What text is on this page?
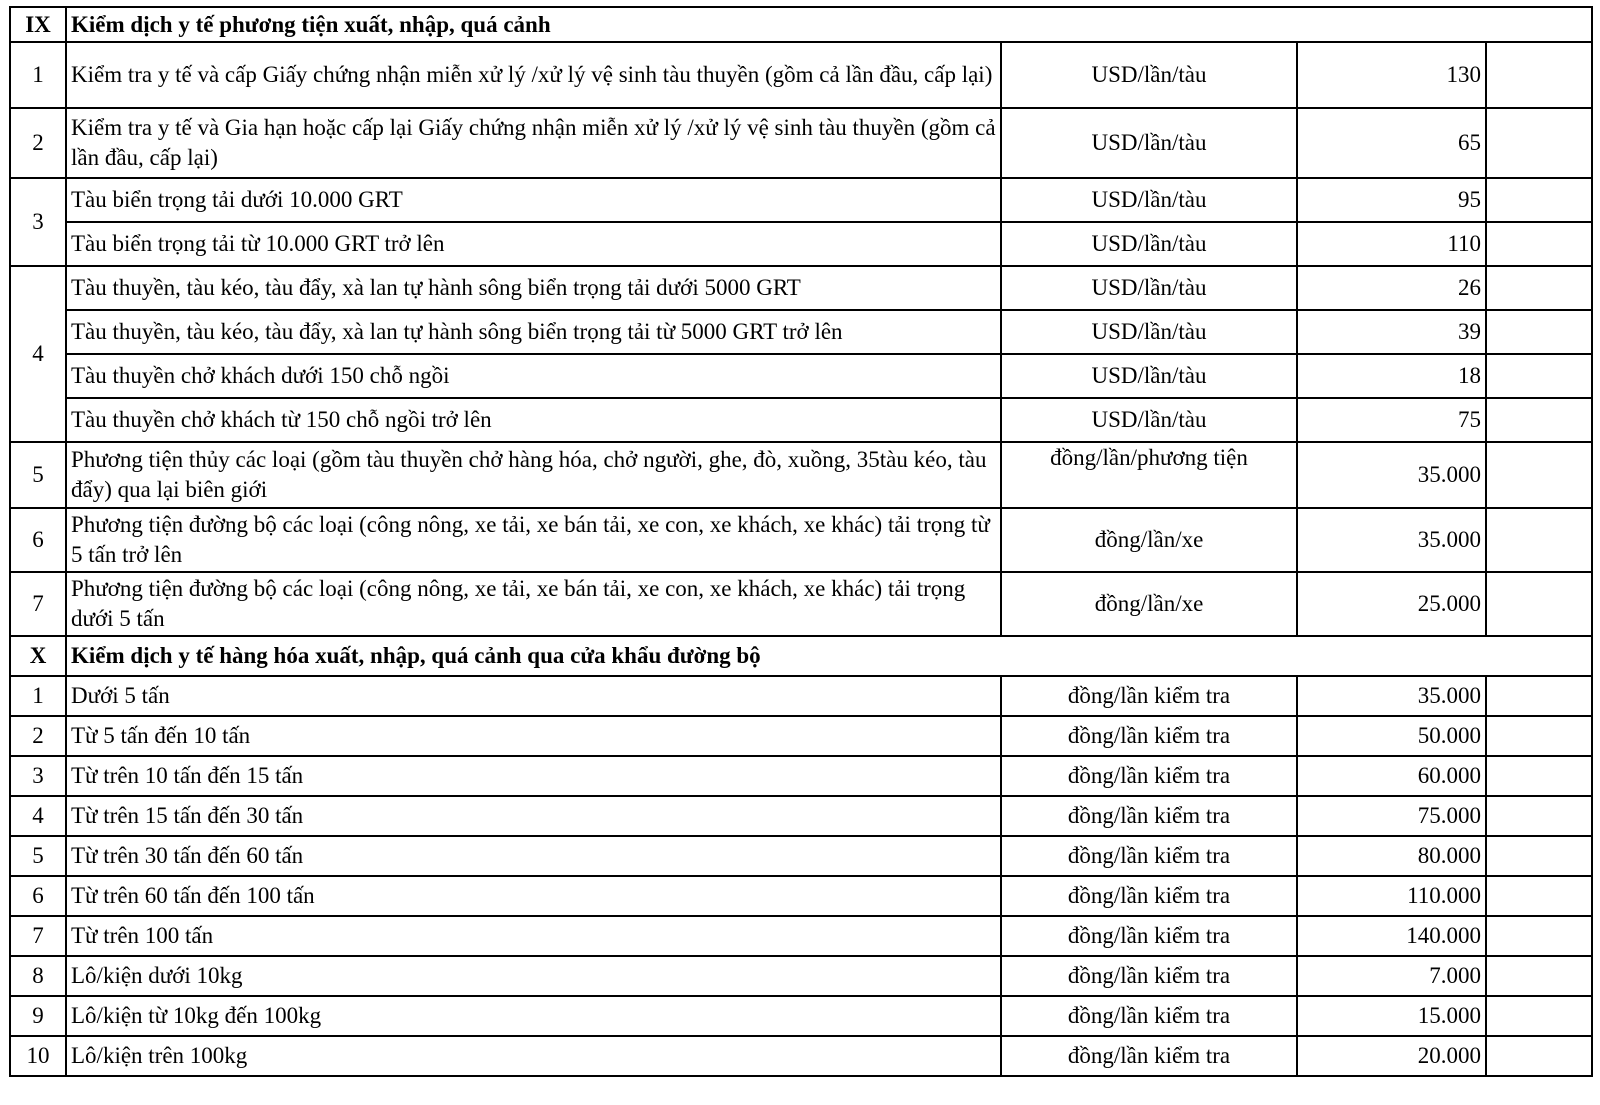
IX	Kiểm dịch y tế phương tiện xuất, nhập, quá cảnh			
1	Kiểm tra y tế và cấp Giấy chứng nhận miễn xử lý /xử lý vệ sinh tàu thuyền (gồm cả lần đầu, cấp lại)	USD/lần/tàu	130	
2	Kiểm tra y tế và Gia hạn hoặc cấp lại Giấy chứng nhận miễn xử lý /xử lý vệ sinh tàu thuyền (gồm cả lần đầu, cấp lại)	USD/lần/tàu	65	
3	Tàu biển trọng tải dưới 10.000 GRT	USD/lần/tàu	95	
	Tàu biển trọng tải từ 10.000 GRT trở lên	USD/lần/tàu	110	
4	Tàu thuyền, tàu kéo, tàu đẩy, xà lan tự hành sông biển trọng tải dưới 5000 GRT	USD/lần/tàu	26	
	Tàu thuyền, tàu kéo, tàu đẩy, xà lan tự hành sông biển trọng tải từ 5000 GRT trở lên	USD/lần/tàu	39	
	Tàu thuyền chở khách dưới 150 chỗ ngồi	USD/lần/tàu	18	
	Tàu thuyền chở khách từ 150 chỗ ngồi trở lên	USD/lần/tàu	75	
5	Phương tiện thủy các loại (gồm tàu thuyền chở hàng hóa, chở người, ghe, đò, xuồng, 35tàu kéo, tàu đẩy) qua lại biên giới	đồng/lần/phương tiện	35.000	
6	Phương tiện đường bộ các loại (công nông, xe tải, xe bán tải, xe con, xe khách, xe khác) tải trọng từ 5 tấn trở lên	đồng/lần/xe	35.000	
7	Phương tiện đường bộ các loại (công nông, xe tải, xe bán tải, xe con, xe khách, xe khác) tải trọng dưới 5 tấn	đồng/lần/xe	25.000	
X	Kiểm dịch y tế hàng hóa xuất, nhập, quá cảnh qua cửa khẩu đường bộ			
1	Dưới 5 tấn	đồng/lần kiểm tra	35.000	
2	Từ 5 tấn đến 10 tấn	đồng/lần kiểm tra	50.000	
3	Từ trên 10 tấn đến 15 tấn	đồng/lần kiểm tra	60.000	
4	Từ trên 15 tấn đến 30 tấn	đồng/lần kiểm tra	75.000	
5	Từ trên 30 tấn đến 60 tấn	đồng/lần kiểm tra	80.000	
6	Từ trên 60 tấn đến 100 tấn	đồng/lần kiểm tra	110.000	
7	Từ trên 100 tấn	đồng/lần kiểm tra	140.000	
8	Lô/kiện dưới 10kg	đồng/lần kiểm tra	7.000	
9	Lô/kiện từ 10kg đến 100kg	đồng/lần kiểm tra	15.000	
10	Lô/kiện trên 100kg	đồng/lần kiểm tra	20.000	
